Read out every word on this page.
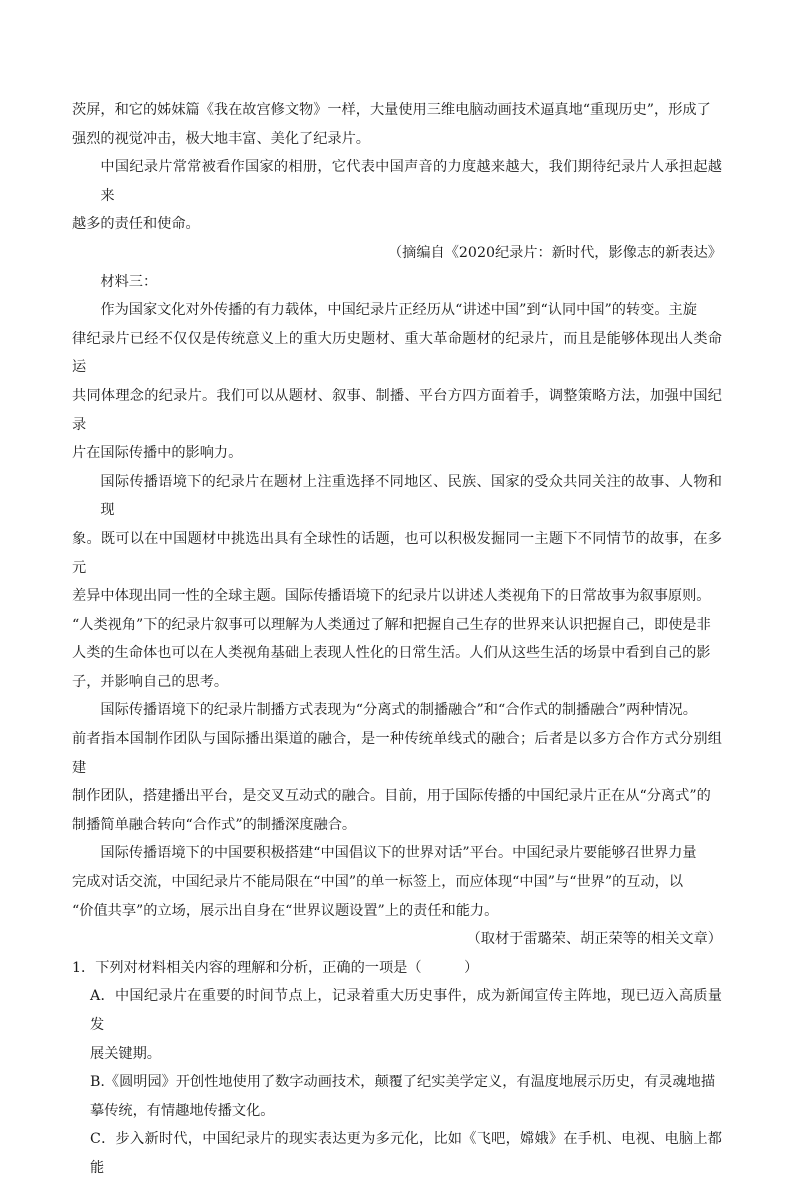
茨屏，和它的姊妹篇《我在故宫修文物》一样，大量使用三维电脑动画技术逼真地“重现历史”，形成了
强烈的视觉冲击，极大地丰富、美化了纪录片。

中国纪录片常常被看作国家的相册，它代表中国声音的力度越来越大，我们期待纪录片人承担起越来
越多的责任和使命。

（摘编自《2020纪录片：新时代，影像志的新表达》

材料三：

作为国家文化对外传播的有力载体，中国纪录片正经历从“讲述中国”到“认同中国”的转变。主旋
律纪录片已经不仅仅是传统意义上的重大历史题材、重大革命题材的纪录片，而且是能够体现出人类命运
共同体理念的纪录片。我们可以从题材、叙事、制播、平台方四方面着手，调整策略方法，加强中国纪录
片在国际传播中的影响力。

国际传播语境下的纪录片在题材上注重选择不同地区、民族、国家的受众共同关注的故事、人物和现
象。既可以在中国题材中挑选出具有全球性的话题，也可以积极发掘同一主题下不同情节的故事，在多元
差异中体现出同一性的全球主题。国际传播语境下的纪录片以讲述人类视角下的日常故事为叙事原则。
“人类视角”下的纪录片叙事可以理解为人类通过了解和把握自己生存的世界来认识把握自己，即使是非
人类的生命体也可以在人类视角基础上表现人性化的日常生活。人们从这些生活的场景中看到自己的影
子，并影响自己的思考。

国际传播语境下的纪录片制播方式表现为“分离式的制播融合”和“合作式的制播融合”两种情况。
前者指本国制作团队与国际播出渠道的融合，是一种传统单线式的融合；后者是以多方合作方式分别组建
制作团队，搭建播出平台，是交叉互动式的融合。目前，用于国际传播的中国纪录片正在从“分离式”的
制播简单融合转向“合作式”的制播深度融合。

国际传播语境下的中国要积极搭建“中国倡议下的世界对话”平台。中国纪录片要能够召世界力量
完成对话交流，中国纪录片不能局限在“中国”的单一标签上，而应体现“中国”与“世界”的互动，以
“价值共享”的立场，展示出自身在“世界议题设置”上的责任和能力。

（取材于雷璐荣、胡正荣等的相关文章）

1．下列对材料相关内容的理解和分析，正确的一项是（　　　）

A．中国纪录片在重要的时间节点上，记录着重大历史事件，成为新闻宣传主阵地，现已迈入高质量发
展关键期。

B.《圆明园》开创性地使用了数字动画技术，颠覆了纪实美学定义，有温度地展示历史，有灵魂地描
摹传统，有情趣地传播文化。

C．步入新时代，中国纪录片的现实表达更为多元化，比如《飞吧，嫦娥》在手机、电视、电脑上都能
